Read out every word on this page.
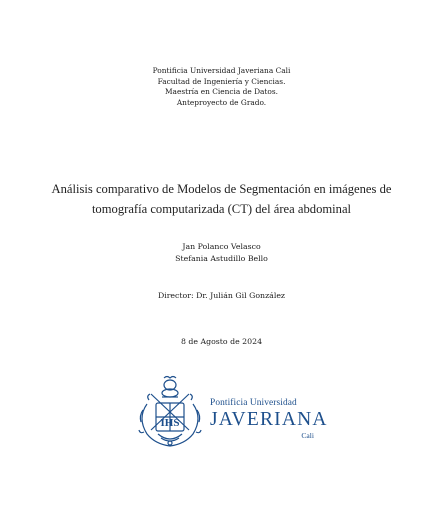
Pontificia Universidad Javeriana Cali
Facultad de Ingeniería y Ciencias.
Maestría en Ciencia de Datos.
Anteproyecto de Grado.
Análisis comparativo de Modelos de Segmentación en imágenes de
tomografía computarizada (CT) del área abdominal
Jan Polanco Velasco
Stefania Astudillo Bello
Director: Dr. Julián Gil González
8 de Agosto de 2024
IHS
Pontificia Universidad
JAVERIANA
Cali
